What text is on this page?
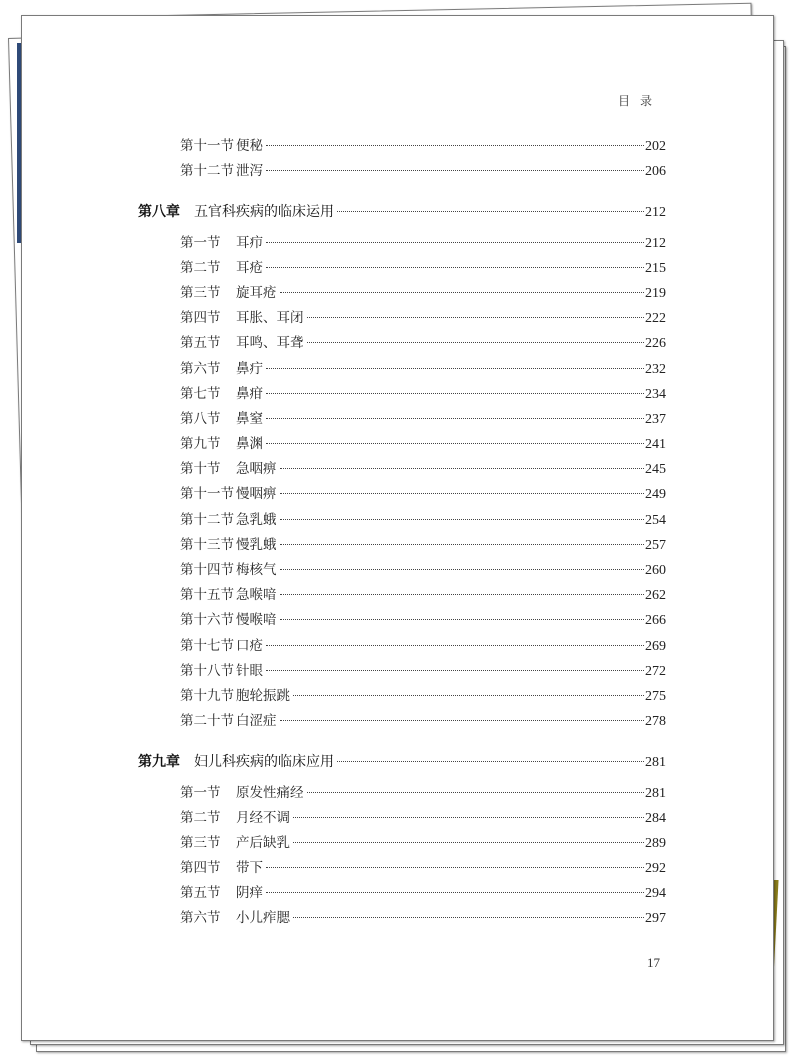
目录
第十一节 便秘	202
第十二节 泄泻	206
第八章	五官科疾病的临床运用	212
第一节	耳疖	212
第二节	耳疮	215
第三节	旋耳疮	219
第四节	耳胀、耳闭	222
第五节	耳鸣、耳聋	226
第六节	鼻疔	232
第七节	鼻疳	234
第八节	鼻窒	237
第九节	鼻渊	241
第十节	急咽痹	245
第十一节 慢咽痹	249
第十二节 急乳蛾	254
第十三节 慢乳蛾	257
第十四节 梅核气	260
第十五节 急喉喑	262
第十六节 慢喉喑	266
第十七节 口疮	269
第十八节 针眼	272
第十九节 胞轮振跳	275
第二十节 白涩症	278
第九章	妇儿科疾病的临床应用	281
第一节	原发性痛经	281
第二节	月经不调	284
第三节	产后缺乳	289
第四节	带下	292
第五节	阴痒	294
第六节	小儿痄腮	297
17
